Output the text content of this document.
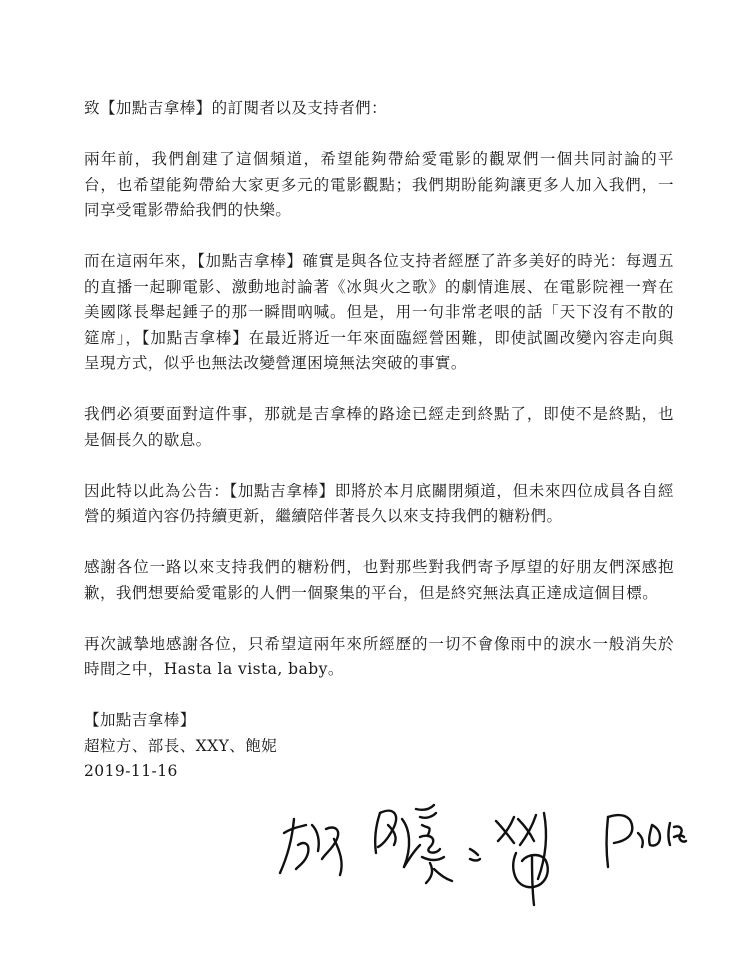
致【加點吉拿棒】的訂閱者以及支持者們：

兩年前，我們創建了這個頻道，希望能夠帶給愛電影的觀眾們一個共同討論的平台，也希望能夠帶給大家更多元的電影觀點；我們期盼能夠讓更多人加入我們，一同享受電影帶給我們的快樂。

而在這兩年來，【加點吉拿棒】確實是與各位支持者經歷了許多美好的時光：每週五的直播一起聊電影、激動地討論著《冰與火之歌》的劇情進展、在電影院裡一齊在美國隊長舉起錘子的那一瞬間吶喊。但是，用一句非常老哏的話「天下沒有不散的筵席」，【加點吉拿棒】在最近將近一年來面臨經營困難，即使試圖改變內容走向與呈現方式，似乎也無法改變營運困境無法突破的事實。

我們必須要面對這件事，那就是吉拿棒的路途已經走到終點了，即使不是終點，也是個長久的歇息。

因此特以此為公告：【加點吉拿棒】即將於本月底關閉頻道，但未來四位成員各自經營的頻道內容仍持續更新，繼續陪伴著長久以來支持我們的糖粉們。

感謝各位一路以來支持我們的糖粉們，也對那些對我們寄予厚望的好朋友們深感抱歉，我們想要給愛電影的人們一個聚集的平台，但是終究無法真正達成這個目標。

再次誠摯地感謝各位，只希望這兩年來所經歷的一切不會像雨中的淚水一般消失於時間之中，Hasta la vista, baby。

【加點吉拿棒】
超粒方、部長、XXY、飽妮
2019-11-16
